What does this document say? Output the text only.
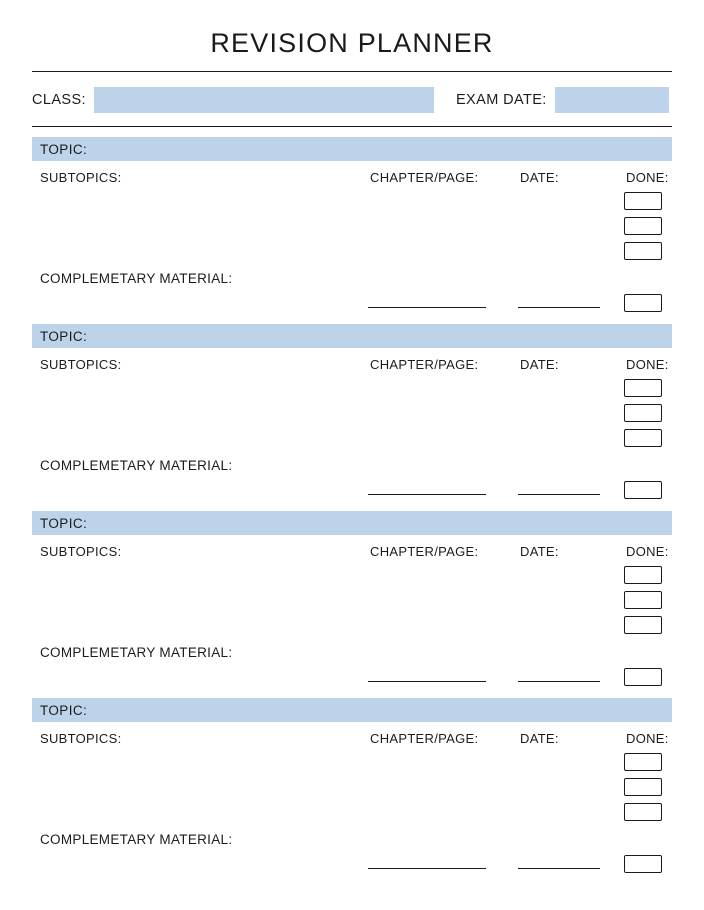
REVISION PLANNER
CLASS:	EXAM DATE:
TOPIC:
SUBTOPICS:	CHAPTER/PAGE:	DATE:	DONE:
COMPLEMETARY MATERIAL:
TOPIC:
SUBTOPICS:	CHAPTER/PAGE:	DATE:	DONE:
COMPLEMETARY MATERIAL:
TOPIC:
SUBTOPICS:	CHAPTER/PAGE:	DATE:	DONE:
COMPLEMETARY MATERIAL:
TOPIC:
SUBTOPICS:	CHAPTER/PAGE:	DATE:	DONE:
COMPLEMETARY MATERIAL:
